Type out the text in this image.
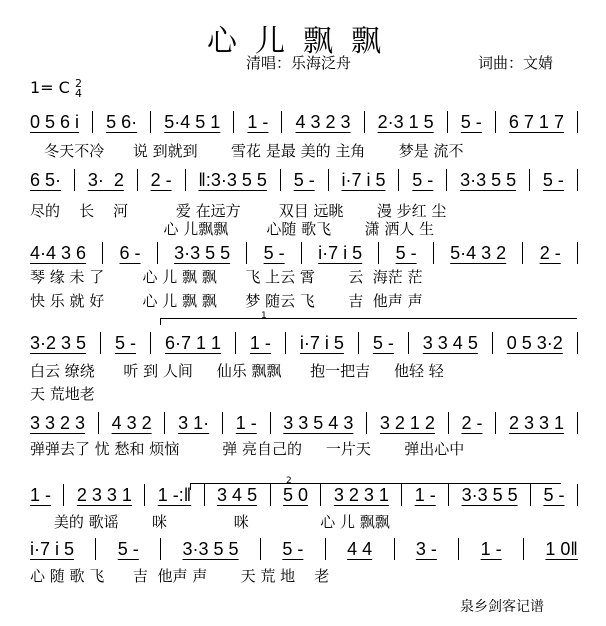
心儿飘飘
清唱：乐海泛舟	词曲：文婧
1= C 2
4
1
2
0 5 6 i 5 6· 5·4 5 1 1 - 4 3 2 3 2·3 1 5 5 - 6 7 1 7
冬天不冷      说 到就到       雪花 是最 美的 主角       梦是 流不
6 5· 3·  2 2 - ‖:3·3 5 5 5 - i·7 i 5 5 - 3·3 5 5 5 -
尽的    长    河          爱 在远方        双目 远眺       漫 步红 尘
心 儿飘飘        心随 歌飞       潇 洒人 生
4·4 3 6 6 - 3·3 5 5 5 - i·7 i 5 5 - 5·4 3 2 2 -
琴 缘 未 了        心 儿 飘 飘      飞 上云 霄       云  海茫 茫
快 乐 就 好        心 儿 飘 飘      梦 随云 飞       吉  他声 声
3·2 3 5 5 - 6·7 1 1 1 - i·7 i 5 5 - 3 3 4 5 0 5 3·2
白云 缭绕      听 到 人间     仙乐 飘飘      抱一把吉     他轻 轻
天 荒地老
3 3 2 3 4 3 2 3 1· 1 - 3 3 5 4 3 3 2 1 2 2 - 2 3 3 1
弹弹去了 忧 愁和 烦恼         弹 亮自己的     一片天       弹出心中
1 - 2 3 3 1 1 -:‖ 3 4 5 5 0 3 2 3 1 1 - 3·3 5 5 5 -
美的 歌谣       咪              咪               心 儿 飘飘
i·7 i 5 5 - 3·3 5 5 5 - 4 4 3 - 1 - 1 0‖
心 随 歌 飞      吉  他声 声       天 荒 地    老
泉乡剑客记谱
